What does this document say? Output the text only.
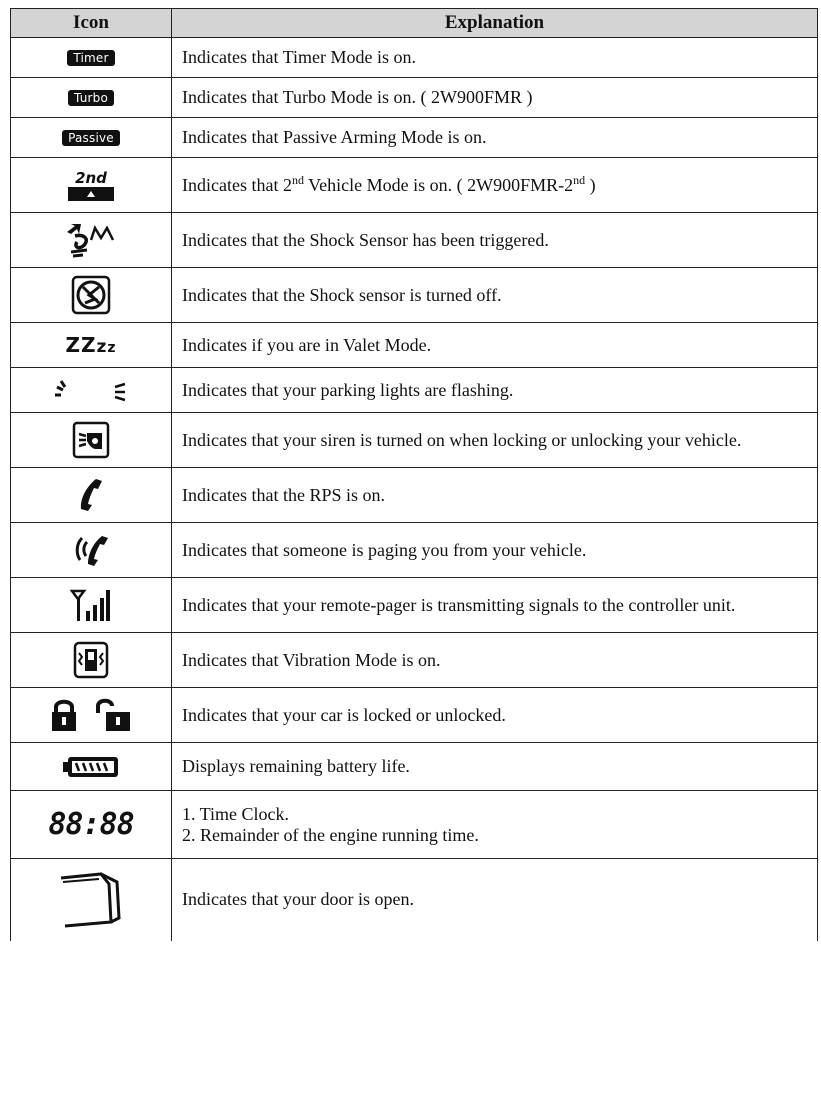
Icon	Explanation
Timer	Indicates that Timer Mode is on.
Turbo	Indicates that Turbo Mode is on. ( 2W900FMR )
Passive	Indicates that Passive Arming Mode is on.

2nd	Indicates that 2nd Vehicle Mode is on. ( 2W900FMR-2nd )

	Indicates that the Shock Sensor has been triggered.

	Indicates that the Shock sensor is turned off.
ZZzz	Indicates if you are in Valet Mode.

	Indicates that your parking lights are flashing.

	Indicates that your siren is turned on when locking or unlocking your vehicle.

	Indicates that the RPS is on.

	Indicates that someone is paging you from your vehicle.

	Indicates that your remote-pager is transmitting signals to the controller unit.

	Indicates that Vibration Mode is on.

	Indicates that your car is locked or unlocked.

	Displays remaining battery life.
88:88	1. Time Clock.
2. Remainder of the engine running time.

	Indicates that your door is open.
